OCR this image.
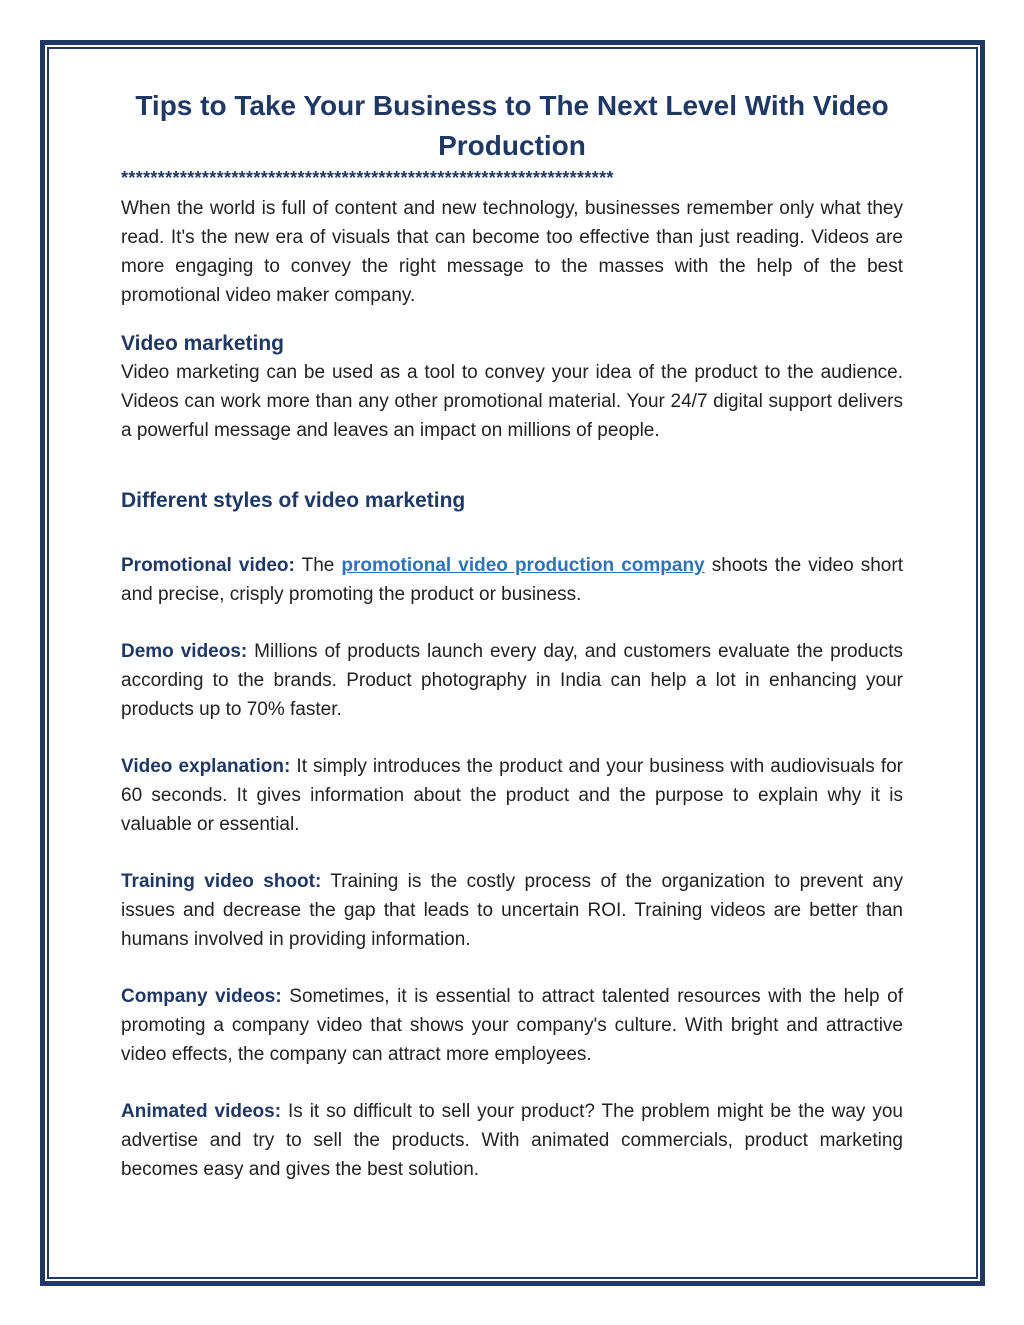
Tips to Take Your Business to The Next Level With Video Production
*******************************************************************

When the world is full of content and new technology, businesses remember only what they read. It's the new era of visuals that can become too effective than just reading. Videos are more engaging to convey the right message to the masses with the help of the best promotional video maker company.

Video marketing

Video marketing can be used as a tool to convey your idea of the product to the audience. Videos can work more than any other promotional material. Your 24/7 digital support delivers a powerful message and leaves an impact on millions of people.

Different styles of video marketing

Promotional video: The promotional video production company shoots the video short and precise, crisply promoting the product or business.

Demo videos: Millions of products launch every day, and customers evaluate the products according to the brands. Product photography in India can help a lot in enhancing your products up to 70% faster.

Video explanation: It simply introduces the product and your business with audiovisuals for 60 seconds. It gives information about the product and the purpose to explain why it is valuable or essential.

Training video shoot: Training is the costly process of the organization to prevent any issues and decrease the gap that leads to uncertain ROI. Training videos are better than humans involved in providing information.

Company videos: Sometimes, it is essential to attract talented resources with the help of promoting a company video that shows your company's culture. With bright and attractive video effects, the company can attract more employees.

Animated videos: Is it so difficult to sell your product? The problem might be the way you advertise and try to sell the products. With animated commercials, product marketing becomes easy and gives the best solution.
